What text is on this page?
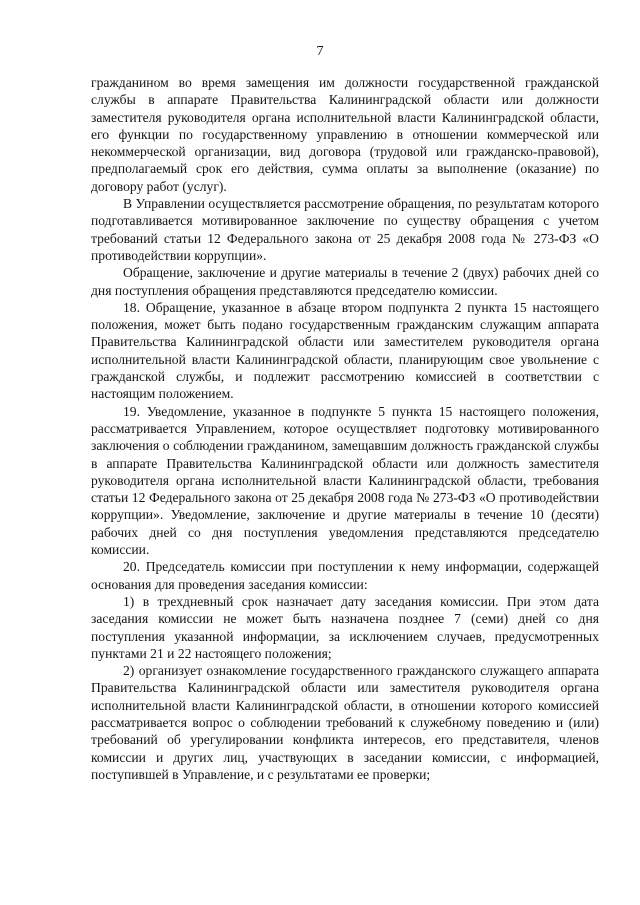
7

гражданином во время замещения им должности государственной гражданской службы в аппарате Правительства Калининградской области или должности заместителя руководителя органа исполнительной власти Калининградской области, его функции по государственному управлению в отношении коммерческой или некоммерческой организации, вид договора (трудовой или гражданско-правовой), предполагаемый срок его действия, сумма оплаты за выполнение (оказание) по договору работ (услуг).

В Управлении осуществляется рассмотрение обращения, по результатам которого подготавливается мотивированное заключение по существу обращения с учетом требований статьи 12 Федерального закона от 25 декабря 2008 года № 273-ФЗ «О противодействии коррупции».

Обращение, заключение и другие материалы в течение 2 (двух) рабочих дней со дня поступления обращения представляются председателю комиссии.

18. Обращение, указанное в абзаце втором подпункта 2 пункта 15 настоящего положения, может быть подано государственным гражданским служащим аппарата Правительства Калининградской области или заместителем руководителя органа исполнительной власти Калининградской области, планирующим свое увольнение с гражданской службы, и подлежит рассмотрению комиссией в соответствии с настоящим положением.

19. Уведомление, указанное в подпункте 5 пункта 15 настоящего положения, рассматривается Управлением, которое осуществляет подготовку мотивированного заключения о соблюдении гражданином, замещавшим должность гражданской службы в аппарате Правительства Калининградской области или должность заместителя руководителя органа исполнительной власти Калининградской области, требования статьи 12 Федерального закона от 25 декабря 2008 года № 273-ФЗ «О противодействии коррупции». Уведомление, заключение и другие материалы в течение 10 (десяти) рабочих дней со дня поступления уведомления представляются председателю комиссии.

20. Председатель комиссии при поступлении к нему информации, содержащей основания для проведения заседания комиссии:

1) в трехдневный срок назначает дату заседания комиссии. При этом дата заседания комиссии не может быть назначена позднее 7 (семи) дней со дня поступления указанной информации, за исключением случаев, предусмотренных пунктами 21 и 22 настоящего положения;

2) организует ознакомление государственного гражданского служащего аппарата Правительства Калининградской области или заместителя руководителя органа исполнительной власти Калининградской области, в отношении которого комиссией рассматривается вопрос о соблюдении требований к служебному поведению и (или) требований об урегулировании конфликта интересов, его представителя, членов комиссии и других лиц, участвующих в заседании комиссии, с информацией, поступившей в Управление, и с результатами ее проверки;
